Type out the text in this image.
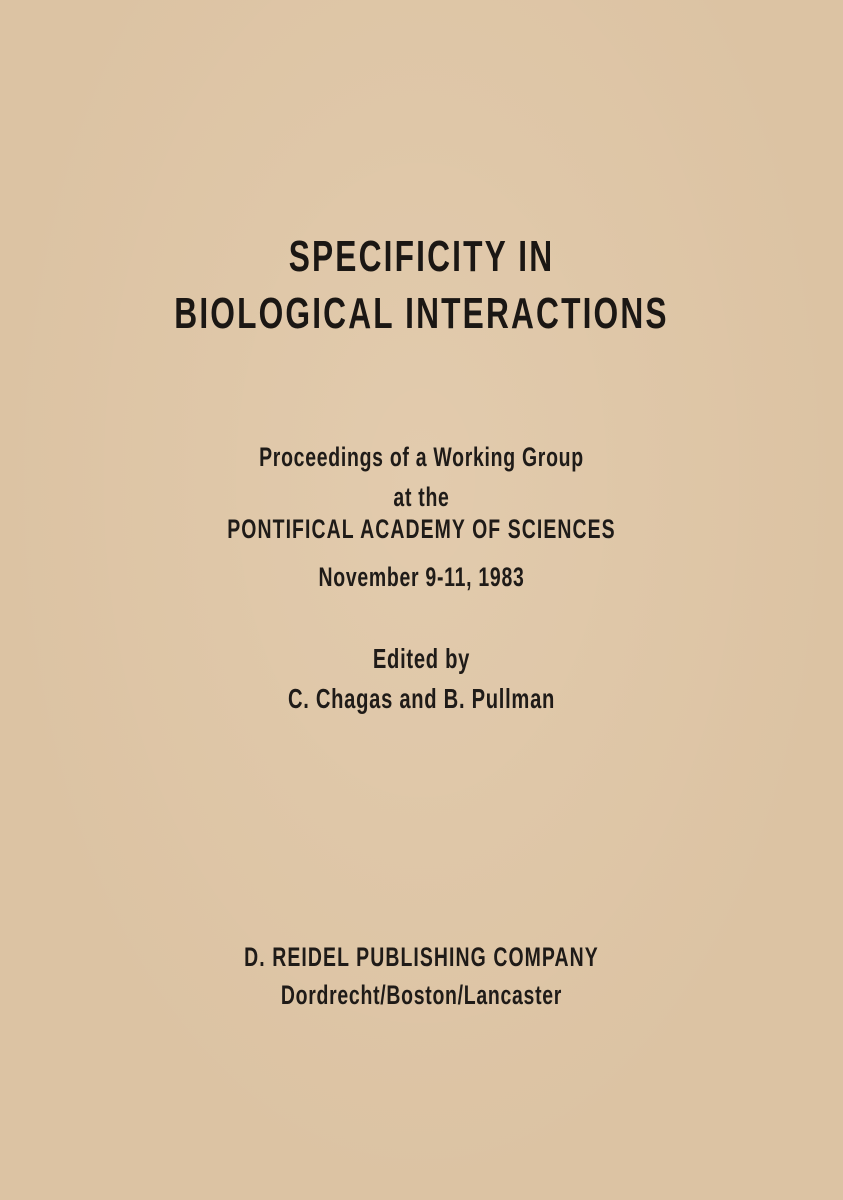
SPECIFICITY IN
BIOLOGICAL INTERACTIONS
Proceedings of a Working Group
at the
PONTIFICAL ACADEMY OF SCIENCES
November 9-11, 1983
Edited by
C. Chagas and B. Pullman
D. REIDEL PUBLISHING COMPANY
Dordrecht/Boston/Lancaster
